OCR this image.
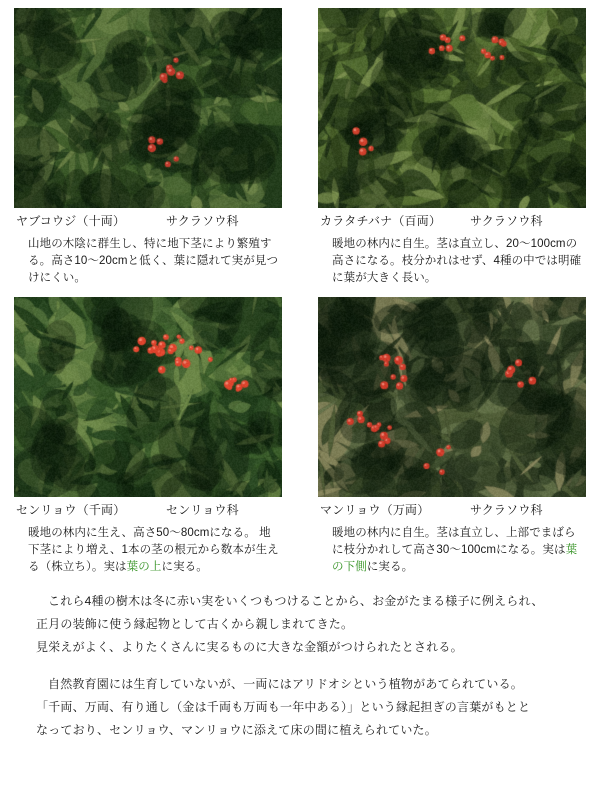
ヤブコウジ（十両）	サクラソウ科
山地の木陰に群生し、特に地下茎により繁殖する。高さ10〜20cmと低く、葉に隠れて実が見つけにくい。
カラタチバナ（百両）	サクラソウ科
暖地の林内に自生。茎は直立し、20〜100cmの高さになる。枝分かれはせず、4種の中では明確に葉が大きく長い。
センリョウ（千両）	センリョウ科
暖地の林内に生え、高さ50〜80cmになる。 地下茎により増え、1本の茎の根元から数本が生える（株立ち）。実は葉の上に実る。
マンリョウ（万両）	サクラソウ科
暖地の林内に自生。茎は直立し、上部でまばらに枝分かれして高さ30〜100cmになる。実は葉の下側に実る。

これら4種の樹木は冬に赤い実をいくつもつけることから、お金がたまる様子に例えられ、

正月の装飾に使う縁起物として古くから親しまれてきた。

見栄えがよく、よりたくさんに実るものに大きな金額がつけられたとされる。

自然教育園には生育していないが、一両にはアリドオシという植物があてられている。

「千両、万両、有り通し（金は千両も万両も一年中ある）」という縁起担ぎの言葉がもとと

なっており、センリョウ、マンリョウに添えて床の間に植えられていた。
